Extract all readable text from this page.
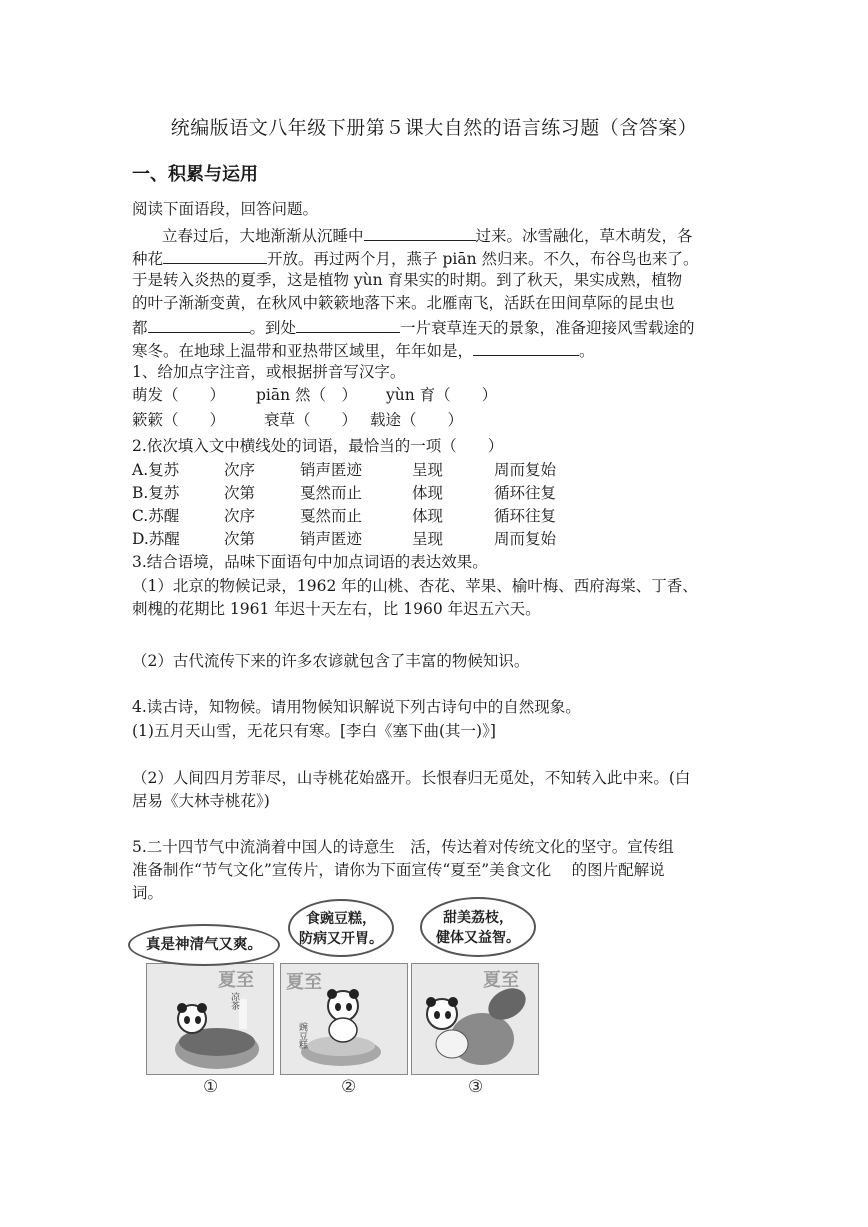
统编版语文八年级下册第５课大自然的语言练习题（含答案）
一、积累与运用
阅读下面语段，回答问题。
立春过后，大地渐渐从沉睡中	过来。冰雪融化，草木萌发，各
种花	开放。再过两个月，燕子 piān 然归来。不久，布谷鸟也来了。
于是转入炎热的夏季，这是植物 yùn 育果实的时期。到了秋天，果实成熟，植物
的叶子渐渐变黄，在秋风中簌簌地落下来。北雁南飞，活跃在田间草际的昆虫也
都	。到处	一片衰草连天的景象，准备迎接风雪载途的
寒冬。在地球上温带和亚热带区域里，年年如是，	。
1、给加点字注音，或根据拼音写汉字。
萌发（　　） piān 然（　） yùn 育（　　）
簌簌（　　）	衰草（　　） 载途（　　）
2.依次填入文中横线处的词语，最恰当的一项（　　）
A.复苏	次序	销声匿迹	呈现	周而复始
B.复苏	次第	戛然而止	体现	循环往复
C.苏醒	次序	戛然而止	体现	循环往复
D.苏醒	次第	销声匿迹	呈现	周而复始
3.结合语境，品味下面语句中加点词语的表达效果。
（1）北京的物候记录，1962 年的山桃、杏花、苹果、榆叶梅、西府海棠、丁香、
刺槐的花期比 1961 年迟十天左右，比 1960 年迟五六天。
（2）古代流传下来的许多农谚就包含了丰富的物候知识。
4.读古诗，知物候。请用物候知识解说下列古诗句中的自然现象。
(1)五月天山雪，无花只有寒。[李白《塞下曲(其一)》]
（2）人间四月芳菲尽，山寺桃花始盛开。长恨春归无觅处，不知转入此中来。(白
居易《大林寺桃花》)
5.二十四节气中流淌着中国人的诗意生　活，传达着对传统文化的坚守。宣传组
准备制作“节气文化”宣传片，请你为下面宣传“夏至”美食文化　 的图片配解说
词。
夏至
凉茶
真是神清气又爽。
①
夏至
豌豆糕
食豌豆糕，
防病又开胃。
②
夏至
甜美荔枝，
健体又益智。
③
